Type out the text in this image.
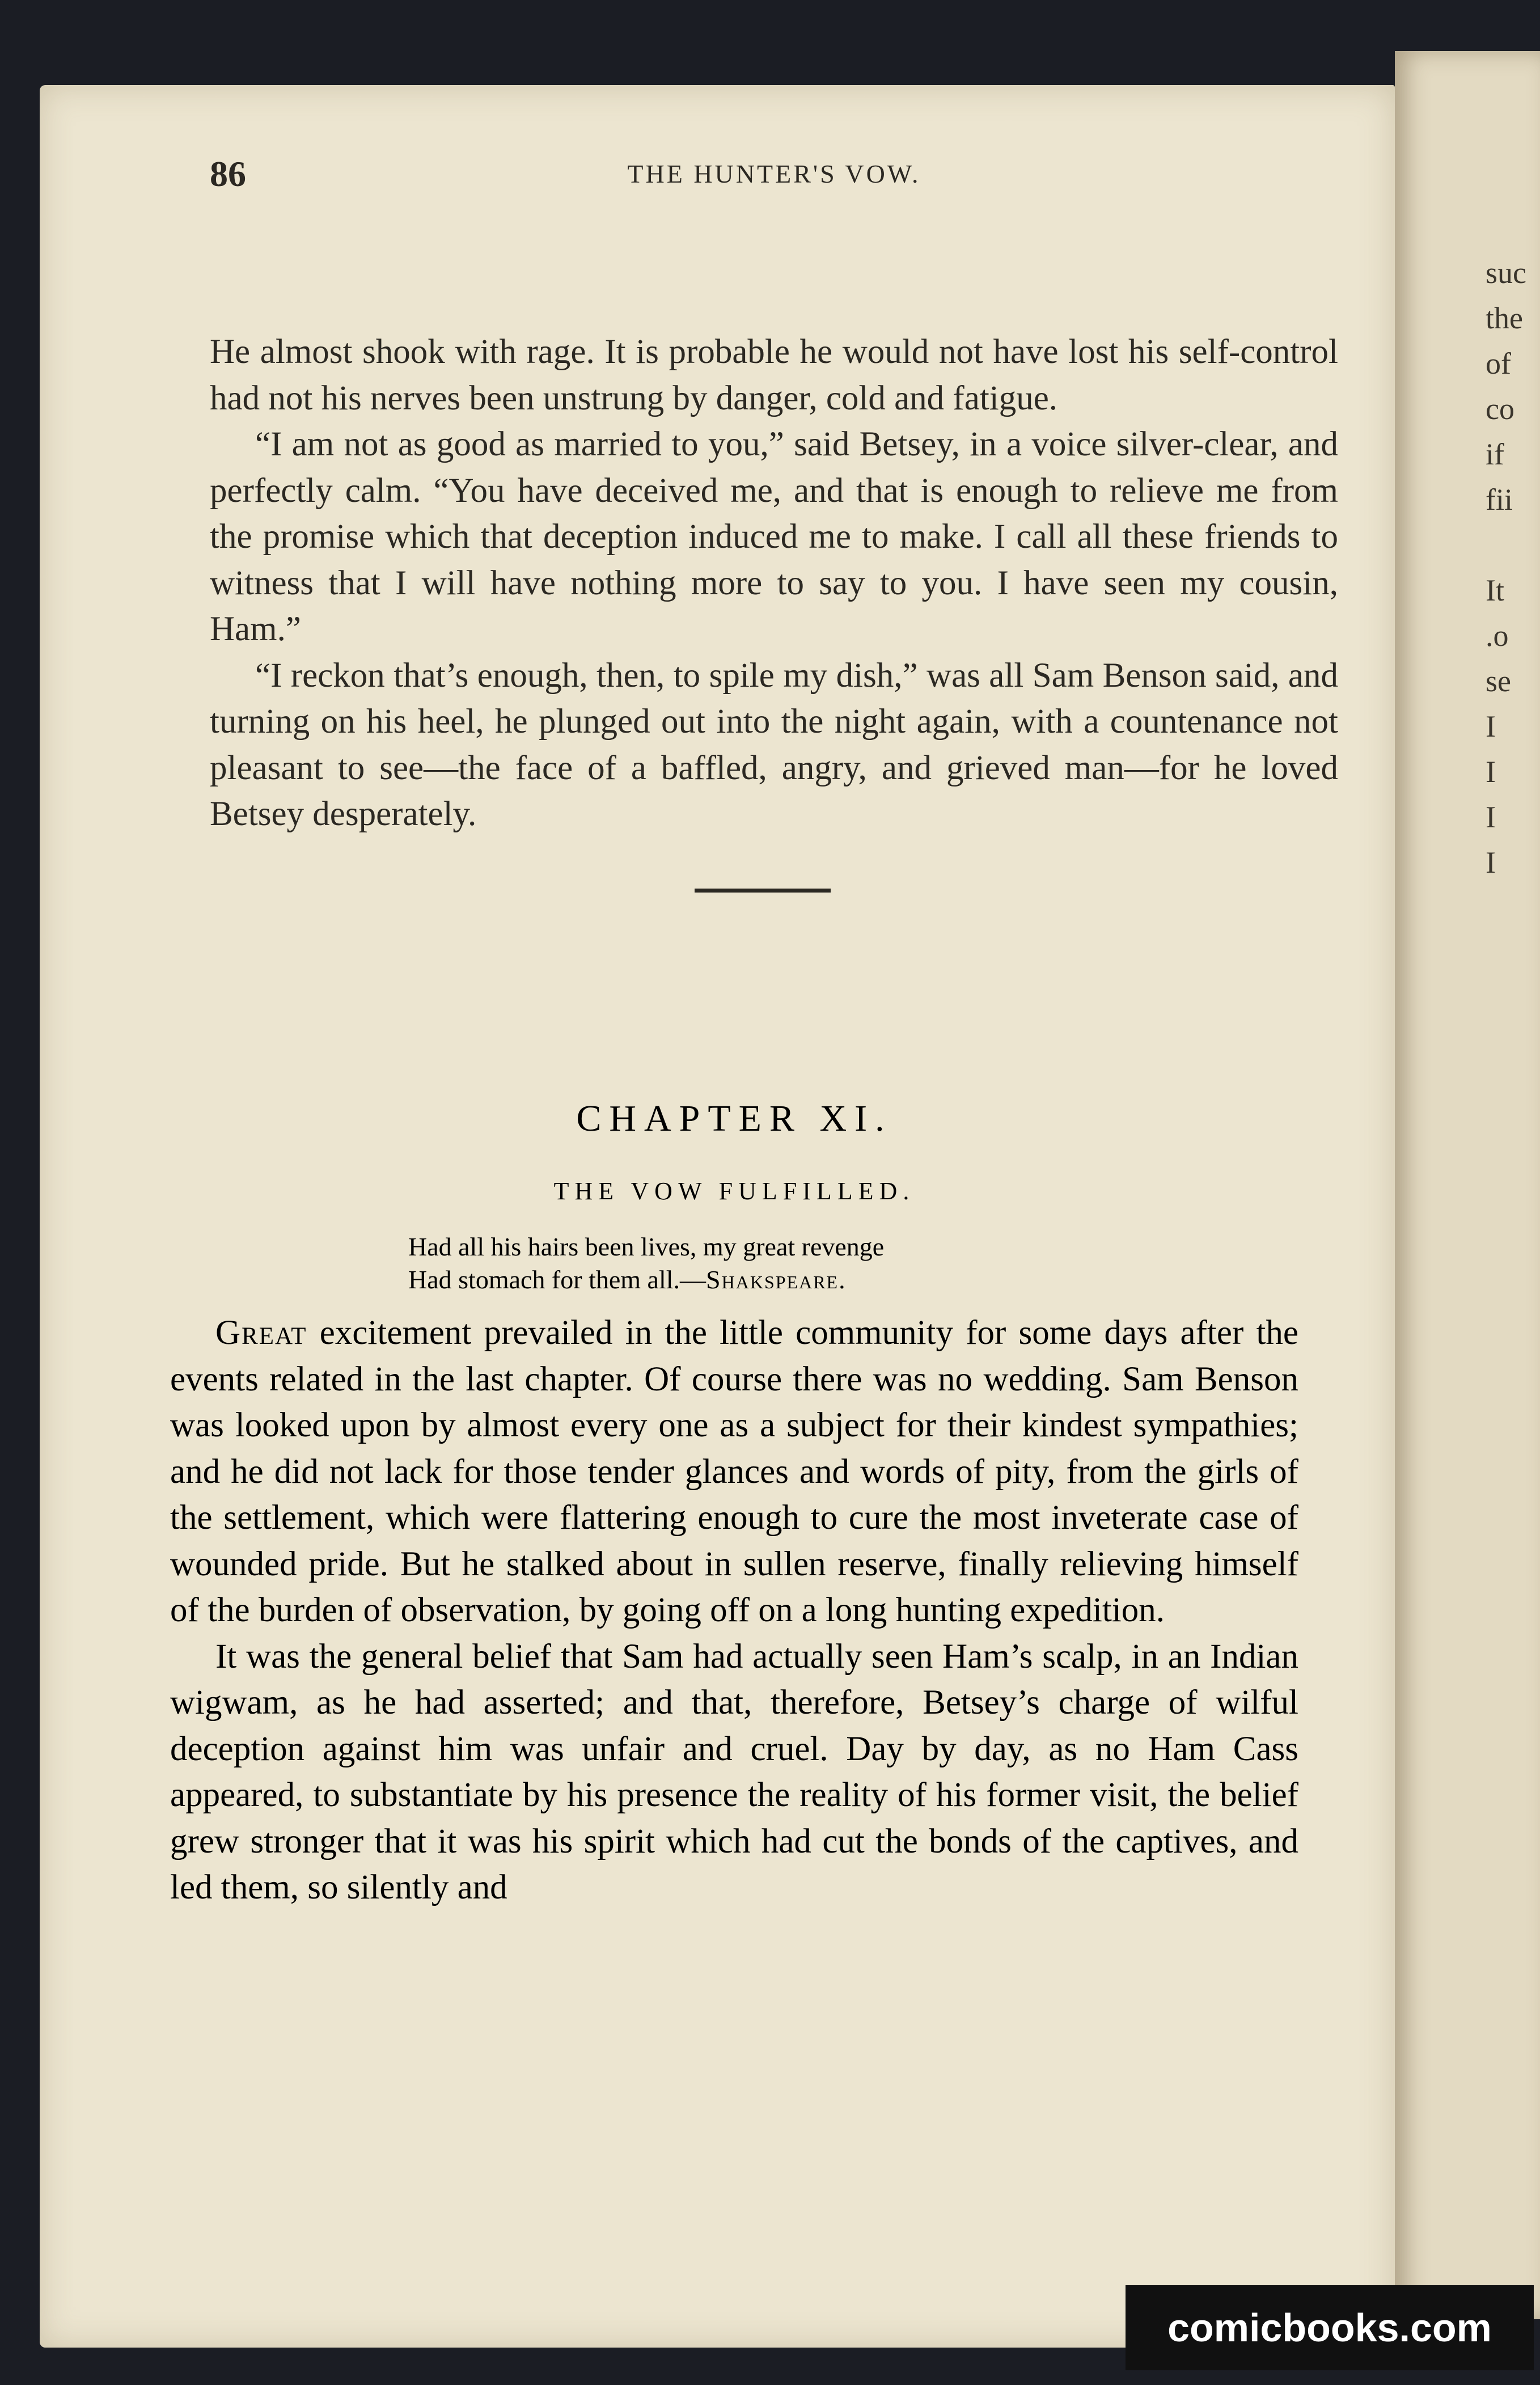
86	THE HUNTER'S VOW.

He almost shook with rage. It is probable he would not have lost his self-control had not his nerves been unstrung by danger, cold and fatigue.

“I am not as good as married to you,” said Betsey, in a voice silver-clear, and perfectly calm. “You have deceived me, and that is enough to relieve me from the promise which that deception induced me to make. I call all these friends to witness that I will have nothing more to say to you. I have seen my cousin, Ham.”

“I reckon that’s enough, then, to spile my dish,” was all Sam Benson said, and turning on his heel, he plunged out into the night again, with a countenance not pleasant to see—the face of a baffled, angry, and grieved man—for he loved Betsey desperately.

CHAPTER XI.
THE VOW FULFILLED.
Had all his hairs been lives, my great revenge
Had stomach for them all.—Shakspeare.

Great excitement prevailed in the little community for some days after the events related in the last chapter. Of course there was no wedding. Sam Benson was looked upon by almost every one as a subject for their kindest sympathies; and he did not lack for those tender glances and words of pity, from the girls of the settlement, which were flattering enough to cure the most inveterate case of wounded pride. But he stalked about in sullen reserve, finally relieving himself of the burden of observation, by going off on a long hunting expedition.

It was the general belief that Sam had actually seen Ham’s scalp, in an Indian wigwam, as he had asserted; and that, therefore, Betsey’s charge of wilful deception against him was unfair and cruel. Day by day, as no Ham Cass appeared, to substantiate by his presence the reality of his former visit, the belief grew stronger that it was his spirit which had cut the bonds of the captives, and led them, so silently and

suc
the
of
co
if
fii
It
.o
se
I
I
I
I
comicbooks.com
